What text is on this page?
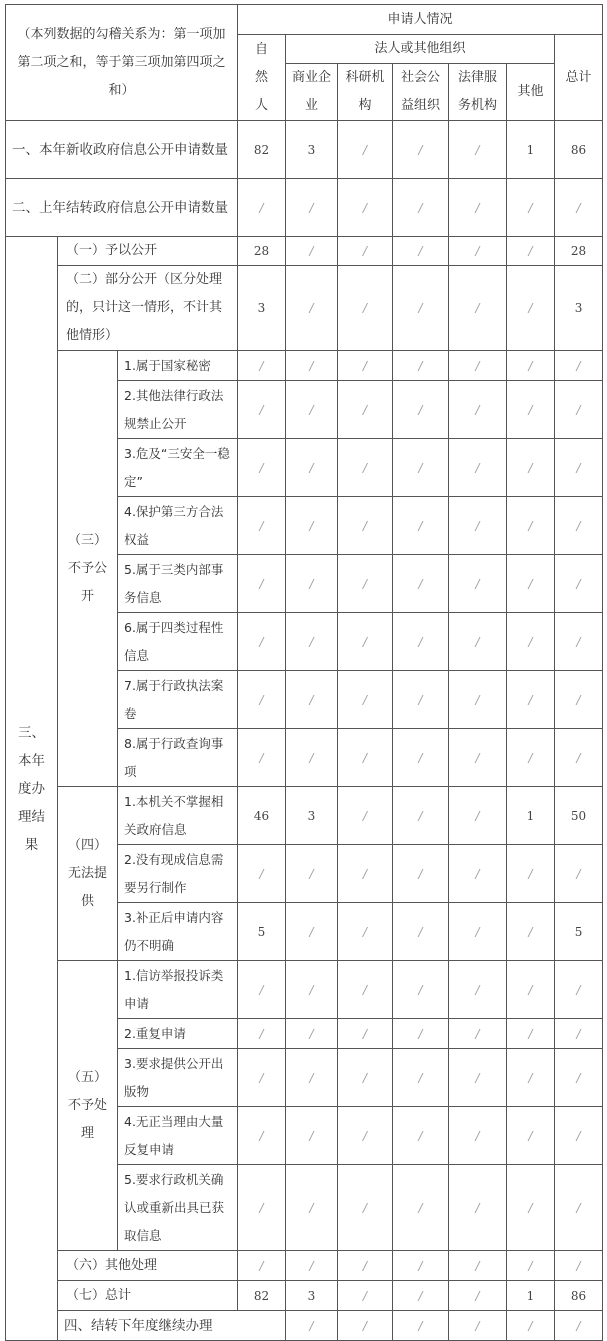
（本列数据的勾稽关系为：第一项加第二项之和，等于第三项加第四项之和）			申请人情况							
			自然人	法人或其他组织					总计	
				商业企业	科研机构	社会公益组织	法律服务机构	其他		
一、本年新收政府信息公开申请数量			82	3	/	/	/	1	86	
二、上年结转政府信息公开申请数量			/	/	/	/	/	/	/	
三、本年度办理结果	（一）予以公开		28	/	/	/	/	/	28	
	（二）部分公开（区分处理的，只计这一情形，不计其他情形）		3	/	/	/	/	/	3	
	（三）不予公开	1.属于国家秘密	/	/	/	/	/	/	/	
		2.其他法律行政法规禁止公开	/	/	/	/	/	/	/	
		3.危及“三安全一稳定”	/	/	/	/	/	/	/	
		4.保护第三方合法权益	/	/	/	/	/	/	/	
		5.属于三类内部事务信息	/	/	/	/	/	/	/	
		6.属于四类过程性信息	/	/	/	/	/	/	/	
		7.属于行政执法案卷	/	/	/	/	/	/	/	
		8.属于行政查询事项	/	/	/	/	/	/	/	
	（四）无法提供	1.本机关不掌握相关政府信息	46	3	/	/	/	1	50	
		2.没有现成信息需要另行制作	/	/	/	/	/	/	/	
		3.补正后申请内容仍不明确	5	/	/	/	/	/	5	
	（五）不予处理	1.信访举报投诉类申请	/	/	/	/	/	/	/	
		2.重复申请	/	/	/	/	/	/	/	
		3.要求提供公开出版物	/	/	/	/	/	/	/	
		4.无正当理由大量反复申请	/	/	/	/	/	/	/	
		5.要求行政机关确认或重新出具已获取信息	/	/	/	/	/	/	/	
	（六）其他处理		/	/	/	/	/	/	/	
	（七）总计		82	3	/	/	/	1	86	
	四、结转下年度继续办理			/	/	/	/	/	/	
